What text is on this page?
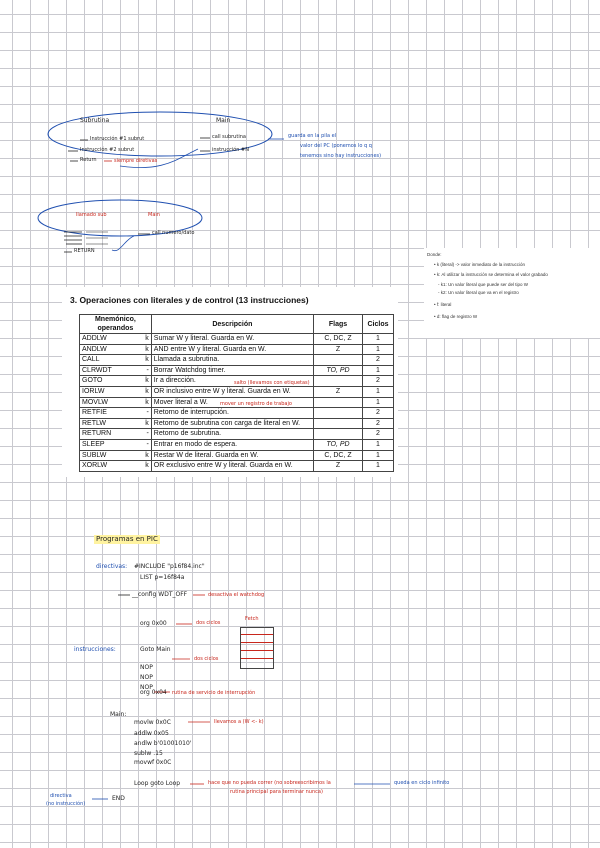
Subrutina	Main
Instrucción #1 subrut
Instrucción #2 subrut
Return	siempre diretivas
call subrutina
instrucción #N
guarda en la pila el
valor del PC (ponemos lo q q
tenemos sino hay instrucciones)
llamado sub	Main
call numero/dato
RETURN
Donde:
• k (literal) -> valor inmediato de la instrucción
• k: Al utilizar la instrucción se determina el valor grabado
- k1: Un valor literal que puede ser del tipo W
- k2: Un valor literal que va en el registro
• f: literal
• d: flag de registro W
3. Operaciones con literales y de control (13 instrucciones)
Mnemónico, operandos		Descripción	Flags	Ciclos
ADDLW	k	Sumar W y literal. Guarda en W.	C, DC, Z	1
ANDLW	k	AND entre W y literal. Guarda en W.	Z	1
CALL	k	Llamada a subrutina.		2
CLRWDT	-	Borrar Watchdog timer.	TO, PD	1
GOTO	k	Ir a dirección.		2
IORLW	k	OR inclusivo entre W y literal. Guarda en W.	Z	1
MOVLW	k	Mover literal a W.		1
RETFIE	-	Retorno de interrupción.		2
RETLW	k	Retorno de subrutina con carga de literal en W.		2
RETURN	-	Retorno de subrutina.		2
SLEEP	-	Entrar en modo de espera.	TO, PD	1
SUBLW	k	Restar W de literal. Guarda en W.	C, DC, Z	1
XORLW	k	OR exclusivo entre W y literal. Guarda en W.	Z	1
salto (llevamos con etiquetas)
mover un registro de trabajo
Programas en PIC
directivas: #INCLUDE "p16f84.inc"
LIST p=16f84a
__config WDT_OFF	desactiva el watchdog
org 0x00	dos ciclos
Fetch
instrucciones:	Goto Main
dos ciclos
NOP
NOP
NOP
org 0x04 rutina de servicio de interrupción
Main:
movlw 0x0C	llevamos a (W <- k)
addlw 0x05
andlw b'01001010'
sublw .15
movwf 0x0C
Loop goto Loop	hace que no pueda correr (no sobreescribimos la
rutina principal para terminar nunca)
queda en ciclo infinito
directiva
(no instrucción)
END
